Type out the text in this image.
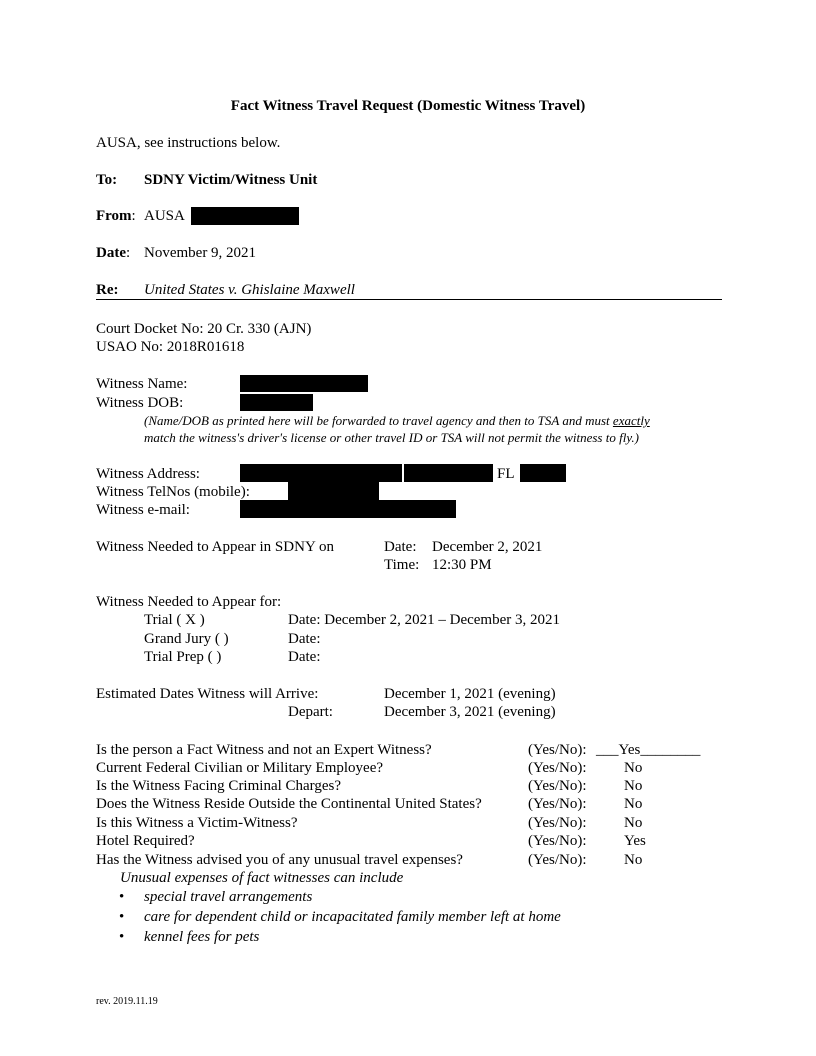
Fact Witness Travel Request (Domestic Witness Travel)
AUSA, see instructions below.
To: SDNY Victim/Witness Unit
From: AUSA
Date: November 9, 2021
Re: United States v. Ghislaine Maxwell
Court Docket No: 20 Cr. 330 (AJN)
USAO No: 2018R01618
Witness Name:
Witness DOB:
(Name/DOB as printed here will be forwarded to travel agency and then to TSA and must exactly
match the witness's driver's license or other travel ID or TSA will not permit the witness to fly.)
Witness Address:	FL
Witness TelNos (mobile):
Witness e-mail:
Witness Needed to Appear in SDNY on	Date: December 2, 2021
Time: 12:30 PM
Witness Needed to Appear for:
Trial ( X )	Date: December 2, 2021 – December 3, 2021
Grand Jury ( )	Date:
Trial Prep ( )	Date:
Estimated Dates Witness will Arrive:	December 1, 2021 (evening)
Depart:	December 3, 2021 (evening)
Is the person a Fact Witness and not an Expert Witness?	(Yes/No): ___Yes________
Current Federal Civilian or Military Employee?	(Yes/No):	No
Is the Witness Facing Criminal Charges?	(Yes/No):	No
Does the Witness Reside Outside the Continental United States?	(Yes/No):	No
Is this Witness a Victim-Witness?	(Yes/No):	No
Hotel Required?	(Yes/No):	Yes
Has the Witness advised you of any unusual travel expenses?	(Yes/No):	No
Unusual expenses of fact witnesses can include
• special travel arrangements
• care for dependent child or incapacitated family member left at home
• kennel fees for pets
rev. 2019.11.19
